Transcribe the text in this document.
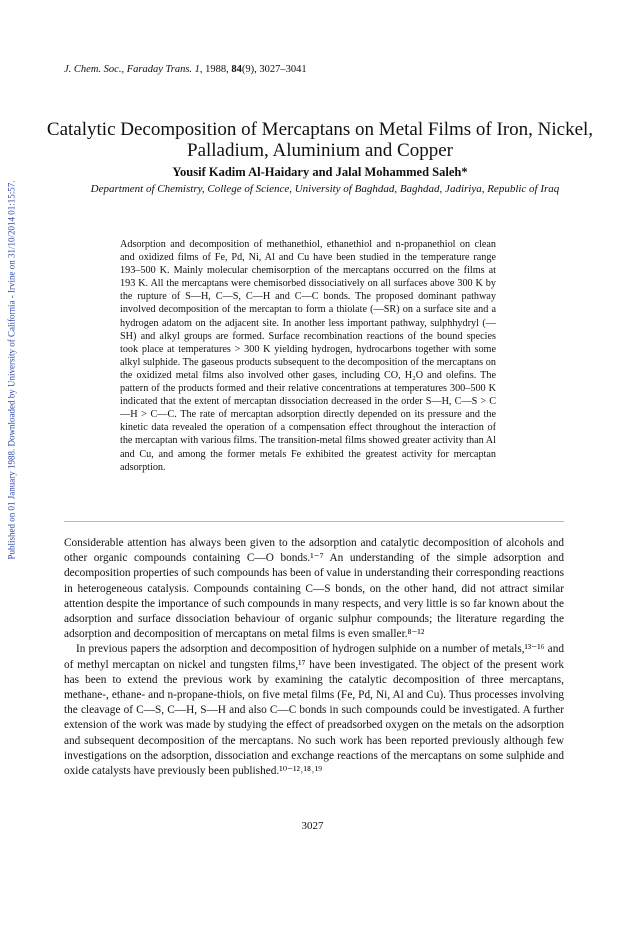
Published on 01 January 1988. Downloaded by University of California - Irvine on 31/10/2014 01:15:57.
J. Chem. Soc., Faraday Trans. 1, 1988, 84(9), 3027–3041
Catalytic Decomposition of Mercaptans on Metal Films of Iron, Nickel, Palladium, Aluminium and Copper
Yousif Kadim Al-Haidary and Jalal Mohammed Saleh*
Department of Chemistry, College of Science, University of Baghdad, Baghdad, Jadiriya, Republic of Iraq
Adsorption and decomposition of methanethiol, ethanethiol and n-propanethiol on clean and oxidized films of Fe, Pd, Ni, Al and Cu have been studied in the temperature range 193–500 K. Mainly molecular chemisorption of the mercaptans occurred on the films at 193 K. All the mercaptans were chemisorbed dissociatively on all surfaces above 300 K by the rupture of S—H, C—S, C—H and C—C bonds. The proposed dominant pathway involved decomposition of the mercaptan to form a thiolate (—SR) on a surface site and a hydrogen adatom on the adjacent site. In another less important pathway, sulphhydryl (—SH) and alkyl groups are formed. Surface recombination reactions of the bound species took place at temperatures > 300 K yielding hydrogen, hydrocarbons together with some alkyl sulphide. The gaseous products subsequent to the decomposition of the mercaptans on the oxidized metal films also involved other gases, including CO, H₂O and olefins. The pattern of the products formed and their relative concentrations at temperatures 300–500 K indicated that the extent of mercaptan dissociation decreased in the order S—H, C—S > C—H > C—C. The rate of mercaptan adsorption directly depended on its pressure and the kinetic data revealed the operation of a compensation effect throughout the interaction of the mercaptan with various films. The transition-metal films showed greater activity than Al and Cu, and among the former metals Fe exhibited the greatest activity for mercaptan adsorption.

Considerable attention has always been given to the adsorption and catalytic decomposition of alcohols and other organic compounds containing C—O bonds.¹⁻⁷ An understanding of the simple adsorption and decomposition properties of such compounds has been of value in understanding their corresponding reactions in heterogeneous catalysis. Compounds containing C—S bonds, on the other hand, did not attract similar attention despite the importance of such compounds in many respects, and very little is so far known about the adsorption and surface dissociation behaviour of organic sulphur compounds; the literature regarding the adsorption and decomposition of mercaptans on metal films is even smaller.⁸⁻¹²

In previous papers the adsorption and decomposition of hydrogen sulphide on a number of metals,¹³⁻¹⁶ and of methyl mercaptan on nickel and tungsten films,¹⁷ have been investigated. The object of the present work has been to extend the previous work by examining the catalytic decomposition of three mercaptans, methane-, ethane- and n-propane-thiols, on five metal films (Fe, Pd, Ni, Al and Cu). Thus processes involving the cleavage of C—S, C—H, S—H and also C—C bonds in such compounds could be investigated. A further extension of the work was made by studying the effect of preadsorbed oxygen on the metals on the adsorption and subsequent decomposition of the mercaptans. No such work has been reported previously although few investigations on the adsorption, dissociation and exchange reactions of the mercaptans on some sulphide and oxide catalysts have previously been published.¹⁰⁻¹²˒¹⁸˒¹⁹

3027
